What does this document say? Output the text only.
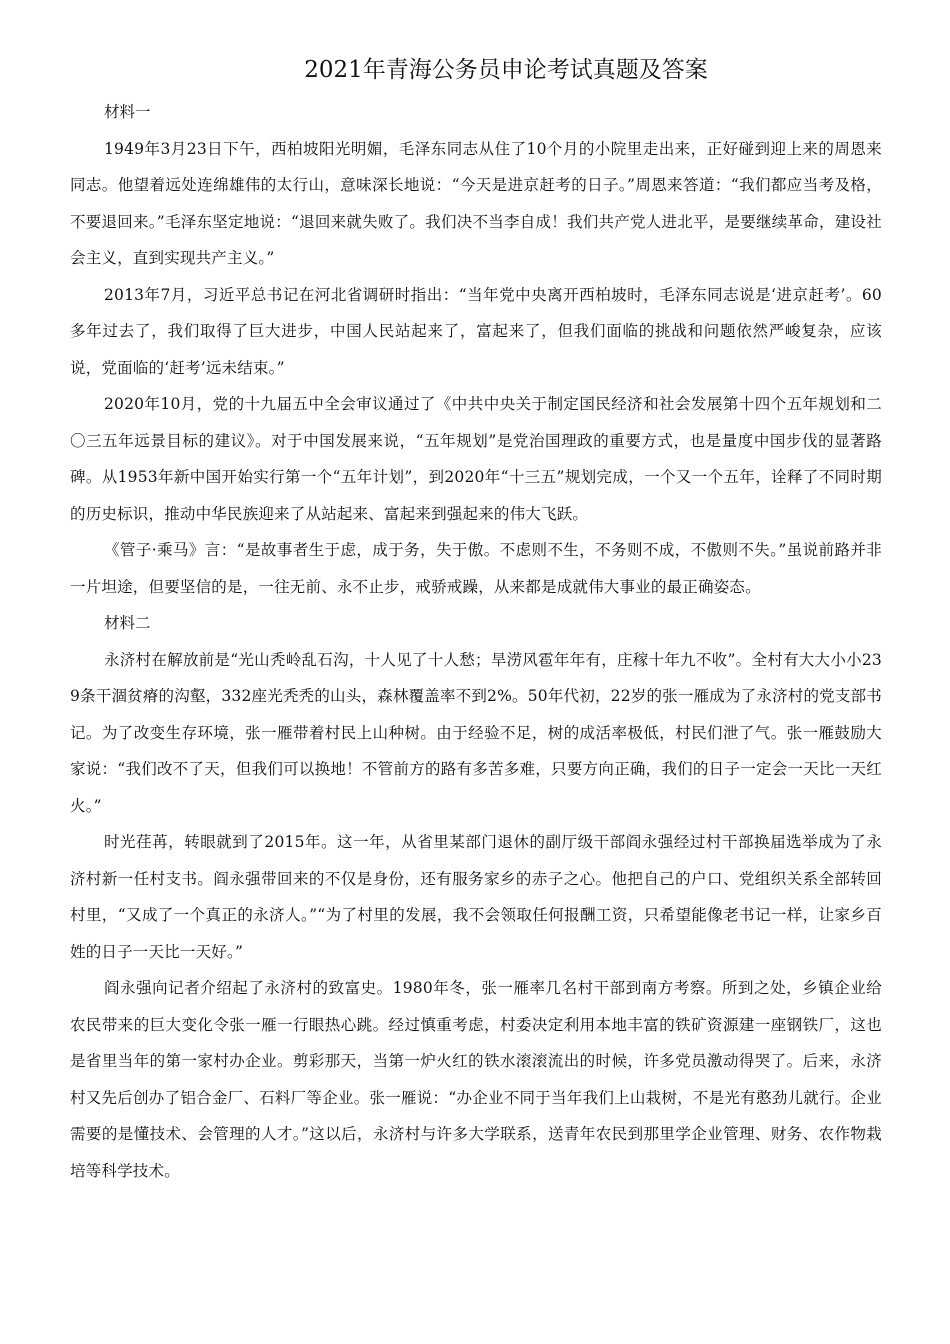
2021年青海公务员申论考试真题及答案

材料一

1949年3月23日下午，西柏坡阳光明媚，毛泽东同志从住了10个月的小院里走出来，正好碰到迎上来的周恩来同志。他望着远处连绵雄伟的太行山，意味深长地说：“今天是进京赶考的日子。”周恩来答道：“我们都应当考及格，不要退回来。”毛泽东坚定地说：“退回来就失败了。我们决不当李自成！我们共产党人进北平，是要继续革命，建设社会主义，直到实现共产主义。”

2013年7月，习近平总书记在河北省调研时指出：“当年党中央离开西柏坡时，毛泽东同志说是‘进京赶考’。60多年过去了，我们取得了巨大进步，中国人民站起来了，富起来了，但我们面临的挑战和问题依然严峻复杂，应该说，党面临的‘赶考’远未结束。”

2020年10月，党的十九届五中全会审议通过了《中共中央关于制定国民经济和社会发展第十四个五年规划和二〇三五年远景目标的建议》。对于中国发展来说，“五年规划”是党治国理政的重要方式，也是量度中国步伐的显著路碑。从1953年新中国开始实行第一个“五年计划”，到2020年“十三五”规划完成，一个又一个五年，诠释了不同时期的历史标识，推动中华民族迎来了从站起来、富起来到强起来的伟大飞跃。

《管子·乘马》言：“是故事者生于虑，成于务，失于傲。不虑则不生，不务则不成，不傲则不失。”虽说前路并非一片坦途，但要坚信的是，一往无前、永不止步，戒骄戒躁，从来都是成就伟大事业的最正确姿态。

材料二

永济村在解放前是“光山秃岭乱石沟，十人见了十人愁；旱涝风雹年年有，庄稼十年九不收”。全村有大大小小239条干涸贫瘠的沟壑，332座光秃秃的山头，森林覆盖率不到2%。50年代初，22岁的张一雁成为了永济村的党支部书记。为了改变生存环境，张一雁带着村民上山种树。由于经验不足，树的成活率极低，村民们泄了气。张一雁鼓励大家说：“我们改不了天，但我们可以换地！不管前方的路有多苦多难，只要方向正确，我们的日子一定会一天比一天红火。”

时光荏苒，转眼就到了2015年。这一年，从省里某部门退休的副厅级干部阎永强经过村干部换届选举成为了永济村新一任村支书。阎永强带回来的不仅是身份，还有服务家乡的赤子之心。他把自己的户口、党组织关系全部转回村里，“又成了一个真正的永济人。”“为了村里的发展，我不会领取任何报酬工资，只希望能像老书记一样，让家乡百姓的日子一天比一天好。”

阎永强向记者介绍起了永济村的致富史。1980年冬，张一雁率几名村干部到南方考察。所到之处，乡镇企业给农民带来的巨大变化令张一雁一行眼热心跳。经过慎重考虑，村委决定利用本地丰富的铁矿资源建一座钢铁厂，这也是省里当年的第一家村办企业。剪彩那天，当第一炉火红的铁水滚滚流出的时候，许多党员激动得哭了。后来，永济村又先后创办了铝合金厂、石料厂等企业。张一雁说：“办企业不同于当年我们上山栽树，不是光有憨劲儿就行。企业需要的是懂技术、会管理的人才。”这以后，永济村与许多大学联系，送青年农民到那里学企业管理、财务、农作物栽培等科学技术。
